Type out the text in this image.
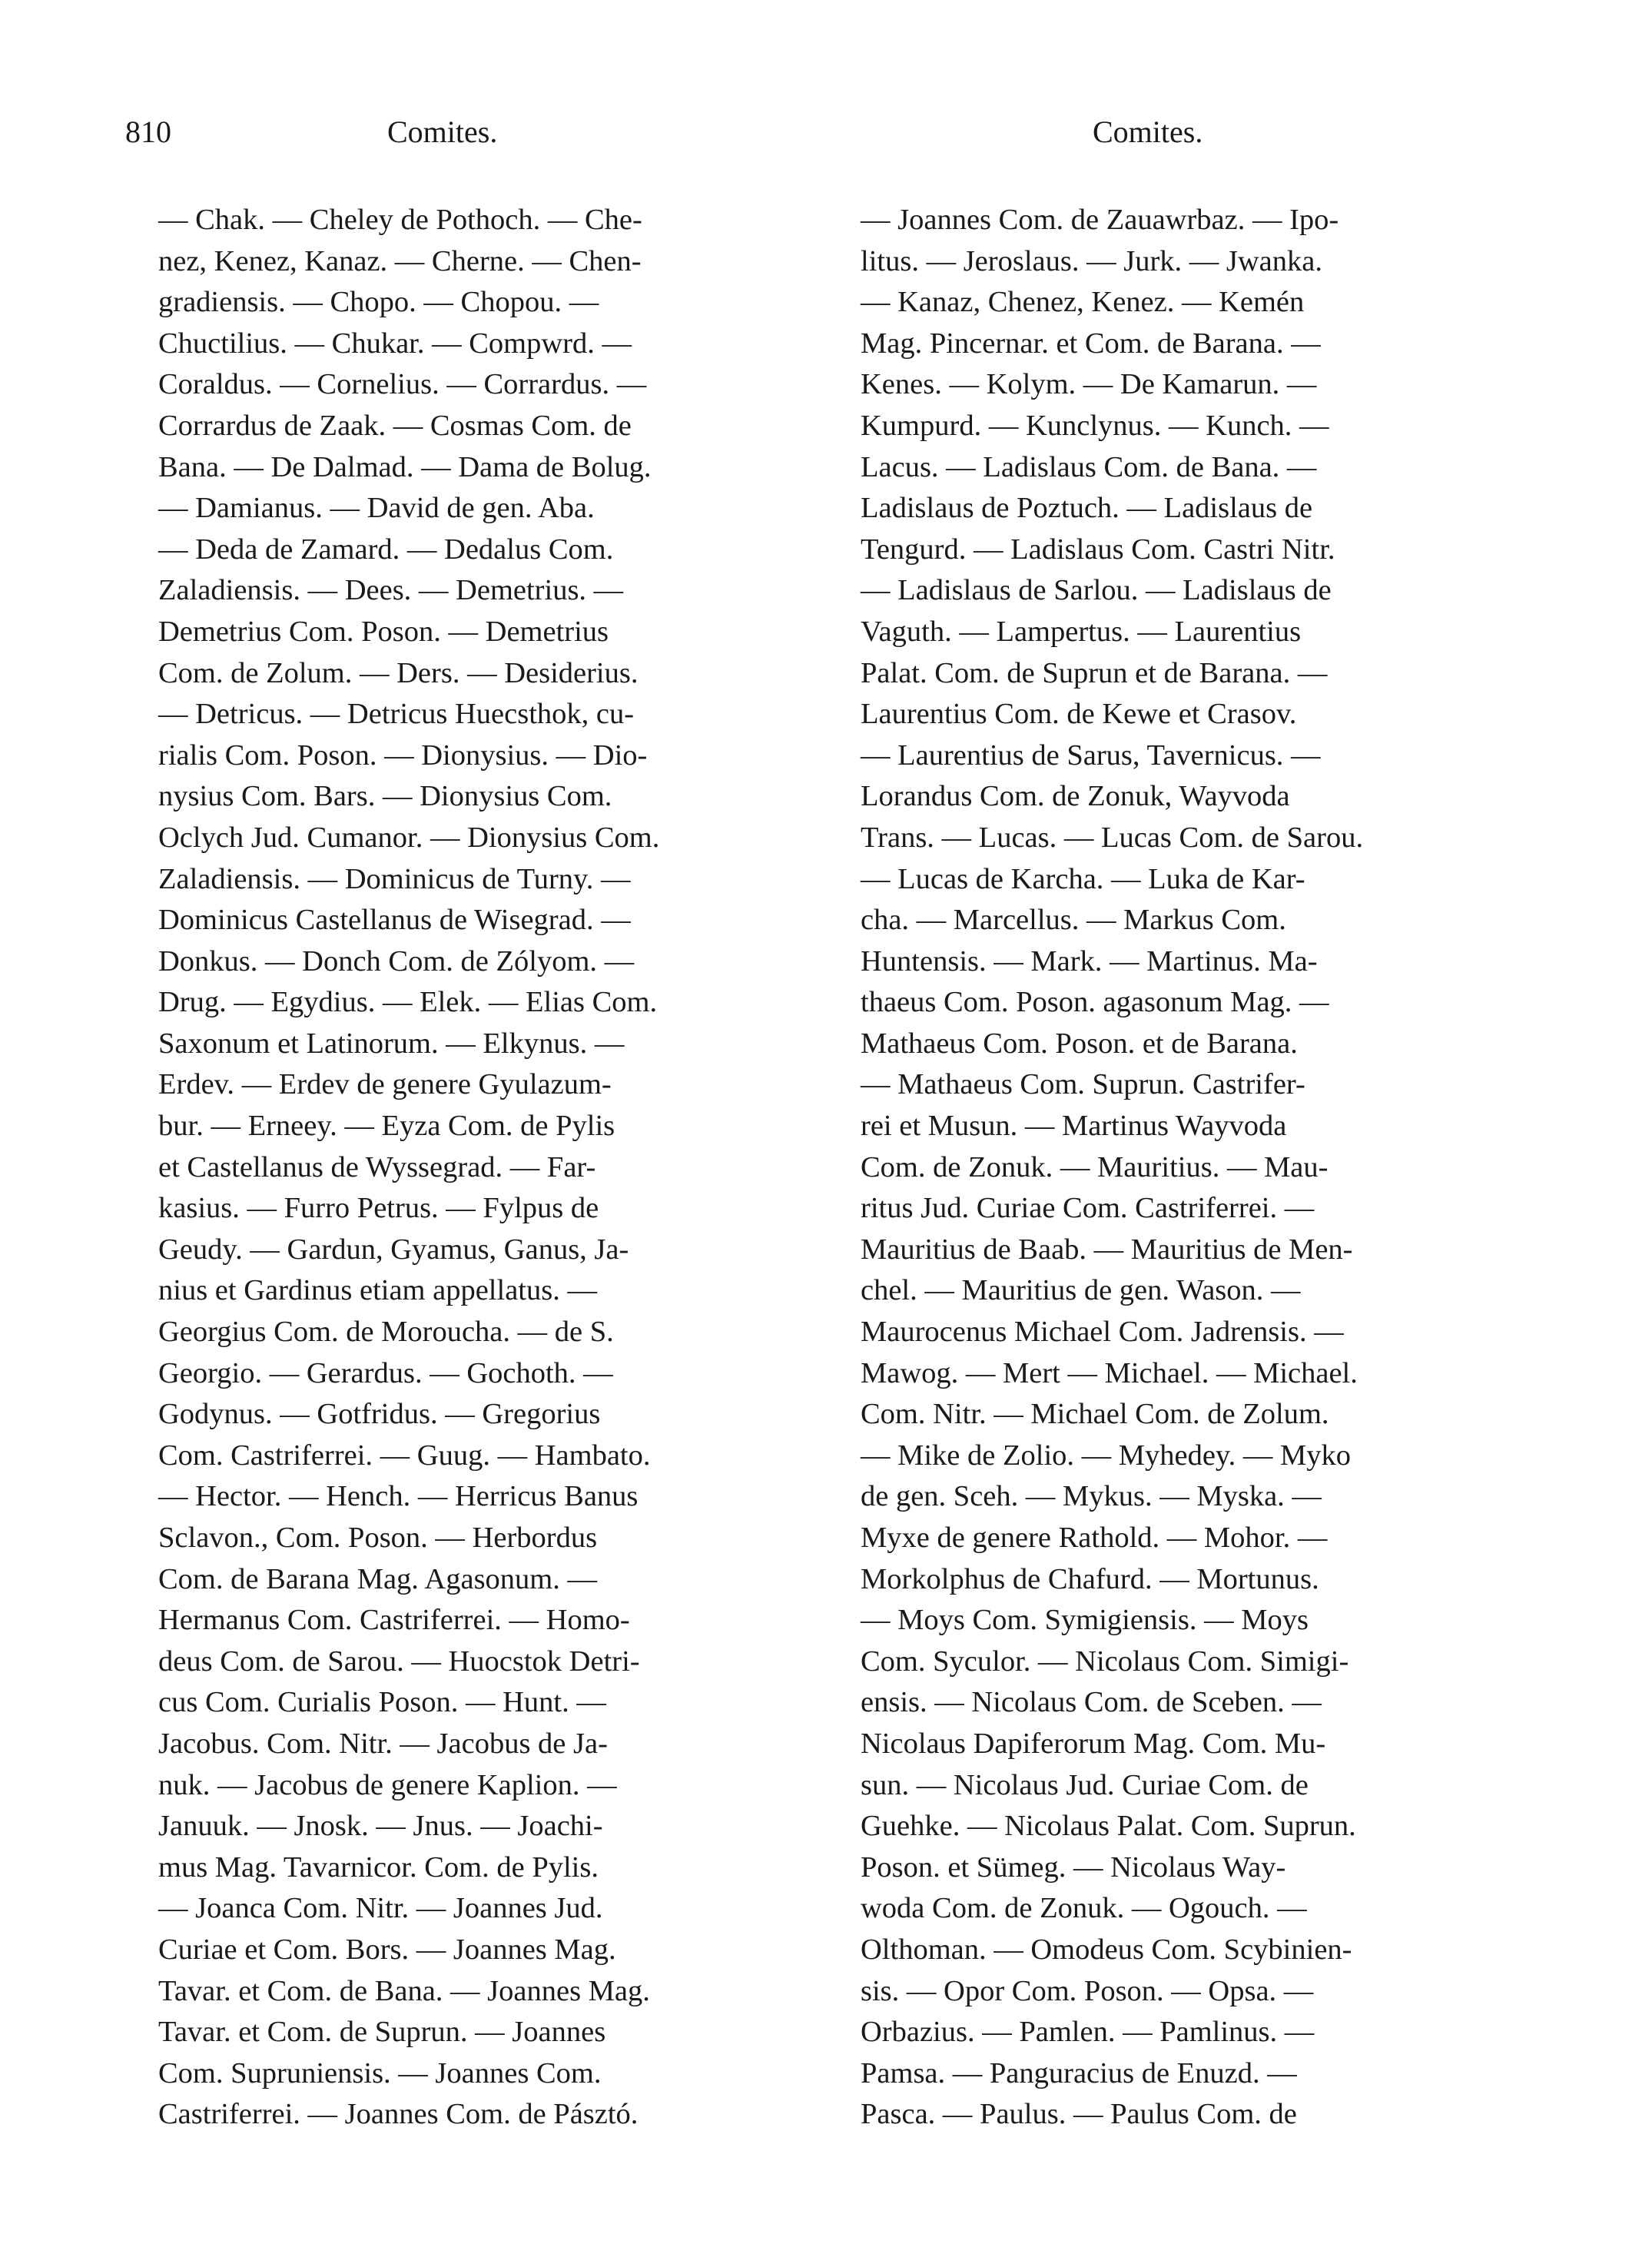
810	Comites.	Comites.
— Chak. — Cheley de Pothoch. — Che-
nez, Kenez, Kanaz. — Cherne. — Chen-
gradiensis. — Chopo. — Chopou. —
Chuctilius. — Chukar. — Compwrd. —
Coraldus. — Cornelius. — Corrardus. —
Corrardus de Zaak. — Cosmas Com. de
Bana. — De Dalmad. — Dama de Bolug.
— Damianus. — David de gen. Aba.
— Deda de Zamard. — Dedalus Com.
Zaladiensis. — Dees. — Demetrius. —
Demetrius Com. Poson. — Demetrius
Com. de Zolum. — Ders. — Desiderius.
— Detricus. — Detricus Huecsthok, cu-
rialis Com. Poson. — Dionysius. — Dio-
nysius Com. Bars. — Dionysius Com.
Oclych Jud. Cumanor. — Dionysius Com.
Zaladiensis. — Dominicus de Turny. —
Dominicus Castellanus de Wisegrad. —
Donkus. — Donch Com. de Zólyom. —
Drug. — Egydius. — Elek. — Elias Com.
Saxonum et Latinorum. — Elkynus. —
Erdev. — Erdev de genere Gyulazum-
bur. — Erneey. — Eyza Com. de Pylis
et Castellanus de Wyssegrad. — Far-
kasius. — Furro Petrus. — Fylpus de
Geudy. — Gardun, Gyamus, Ganus, Ja-
nius et Gardinus etiam appellatus. —
Georgius Com. de Moroucha. — de S.
Georgio. — Gerardus. — Gochoth. —
Godynus. — Gotfridus. — Gregorius
Com. Castriferrei. — Guug. — Hambato.
— Hector. — Hench. — Herricus Banus
Sclavon., Com. Poson. — Herbordus
Com. de Barana Mag. Agasonum. —
Hermanus Com. Castriferrei. — Homo-
deus Com. de Sarou. — Huocstok Detri-
cus Com. Curialis Poson. — Hunt. —
Jacobus. Com. Nitr. — Jacobus de Ja-
nuk. — Jacobus de genere Kaplion. —
Januuk. — Jnosk. — Jnus. — Joachi-
mus Mag. Tavarnicor. Com. de Pylis.
— Joanca Com. Nitr. — Joannes Jud.
Curiae et Com. Bors. — Joannes Mag.
Tavar. et Com. de Bana. — Joannes Mag.
Tavar. et Com. de Suprun. — Joannes
Com. Supruniensis. — Joannes Com.
Castriferrei. — Joannes Com. de Pásztó.
— Joannes Com. de Zauawrbaz. — Ipo-
litus. — Jeroslaus. — Jurk. — Jwanka.
— Kanaz, Chenez, Kenez. — Kemén
Mag. Pincernar. et Com. de Barana. —
Kenes. — Kolym. — De Kamarun. —
Kumpurd. — Kunclynus. — Kunch. —
Lacus. — Ladislaus Com. de Bana. —
Ladislaus de Poztuch. — Ladislaus de
Tengurd. — Ladislaus Com. Castri Nitr.
— Ladislaus de Sarlou. — Ladislaus de
Vaguth. — Lampertus. — Laurentius
Palat. Com. de Suprun et de Barana. —
Laurentius Com. de Kewe et Crasov.
— Laurentius de Sarus, Tavernicus. —
Lorandus Com. de Zonuk, Wayvoda
Trans. — Lucas. — Lucas Com. de Sarou.
— Lucas de Karcha. — Luka de Kar-
cha. — Marcellus. — Markus Com.
Huntensis. — Mark. — Martinus. Ma-
thaeus Com. Poson. agasonum Mag. —
Mathaeus Com. Poson. et de Barana.
— Mathaeus Com. Suprun. Castrifer-
rei et Musun. — Martinus Wayvoda
Com. de Zonuk. — Mauritius. — Mau-
ritus Jud. Curiae Com. Castriferrei. —
Mauritius de Baab. — Mauritius de Men-
chel. — Mauritius de gen. Wason. —
Maurocenus Michael Com. Jadrensis. —
Mawog. — Mert — Michael. — Michael.
Com. Nitr. — Michael Com. de Zolum.
— Mike de Zolio. — Myhedey. — Myko
de gen. Sceh. — Mykus. — Myska. —
Myxe de genere Rathold. — Mohor. —
Morkolphus de Chafurd. — Mortunus.
— Moys Com. Symigiensis. — Moys
Com. Syculor. — Nicolaus Com. Simigi-
ensis. — Nicolaus Com. de Sceben. —
Nicolaus Dapiferorum Mag. Com. Mu-
sun. — Nicolaus Jud. Curiae Com. de
Guehke. — Nicolaus Palat. Com. Suprun.
Poson. et Sümeg. — Nicolaus Way-
woda Com. de Zonuk. — Ogouch. —
Olthoman. — Omodeus Com. Scybinien-
sis. — Opor Com. Poson. — Opsa. —
Orbazius. — Pamlen. — Pamlinus. —
Pamsa. — Panguracius de Enuzd. —
Pasca. — Paulus. — Paulus Com. de
